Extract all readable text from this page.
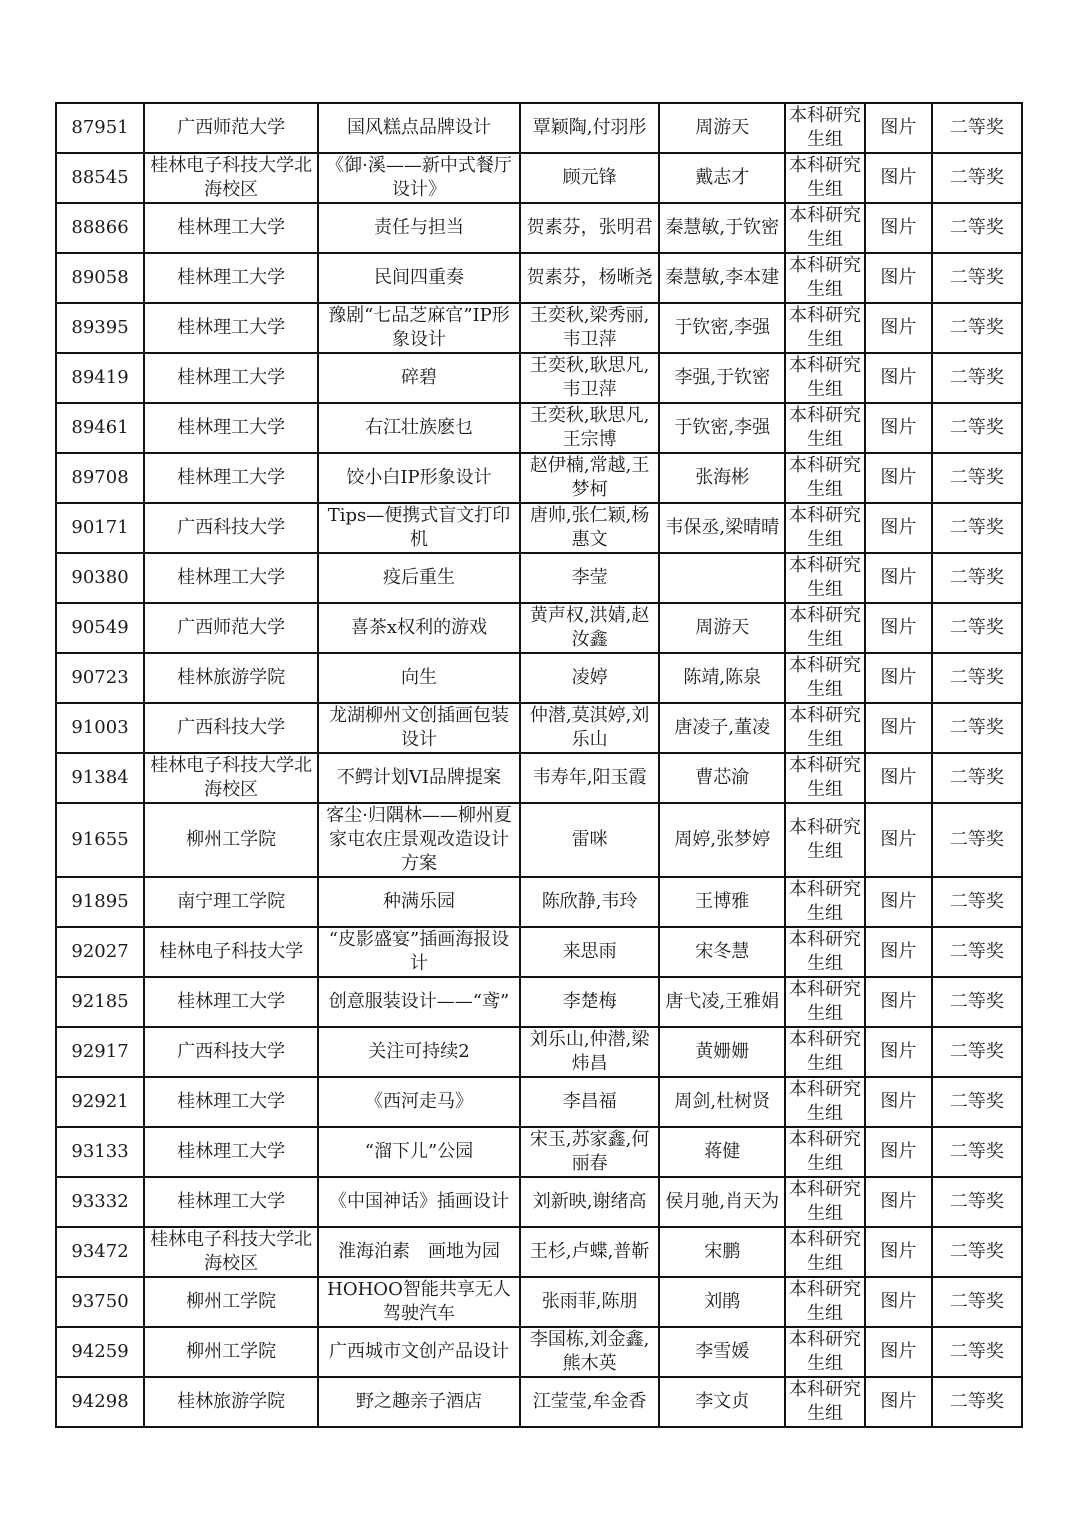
87951	广西师范大学	国风糕点品牌设计	覃颖陶,付羽彤	周游天	本科研究生组	图片	二等奖
88545	桂林电子科技大学北海校区	《御·溪——新中式餐厅设计》	顾元锋	戴志才	本科研究生组	图片	二等奖
88866	桂林理工大学	责任与担当	贺素芬，张明君	秦慧敏,于钦密	本科研究生组	图片	二等奖
89058	桂林理工大学	民间四重奏	贺素芬，杨晰尧	秦慧敏,李本建	本科研究生组	图片	二等奖
89395	桂林理工大学	豫剧“七品芝麻官”IP形象设计	王奕秋,梁秀丽,韦卫萍	于钦密,李强	本科研究生组	图片	二等奖
89419	桂林理工大学	碎碧	王奕秋,耿思凡,韦卫萍	李强,于钦密	本科研究生组	图片	二等奖
89461	桂林理工大学	右江壮族麽乜	王奕秋,耿思凡,王宗博	于钦密,李强	本科研究生组	图片	二等奖
89708	桂林理工大学	饺小白IP形象设计	赵伊楠,常越,王梦柯	张海彬	本科研究生组	图片	二等奖
90171	广西科技大学	Tips—便携式盲文打印机	唐帅,张仁颖,杨惠文	韦保丞,梁晴晴	本科研究生组	图片	二等奖
90380	桂林理工大学	疫后重生	李莹		本科研究生组	图片	二等奖
90549	广西师范大学	喜茶x权利的游戏	黄声权,洪婧,赵汝鑫	周游天	本科研究生组	图片	二等奖
90723	桂林旅游学院	向生	凌婷	陈靖,陈泉	本科研究生组	图片	二等奖
91003	广西科技大学	龙湖柳州文创插画包装设计	仲潜,莫淇婷,刘乐山	唐凌子,董凌	本科研究生组	图片	二等奖
91384	桂林电子科技大学北海校区	不鳄计划VI品牌提案	韦寿年,阳玉霞	曹芯渝	本科研究生组	图片	二等奖
91655	柳州工学院	客尘·归隅林——柳州夏家屯农庄景观改造设计方案	雷咪	周婷,张梦婷	本科研究生组	图片	二等奖
91895	南宁理工学院	种满乐园	陈欣静,韦玲	王博雅	本科研究生组	图片	二等奖
92027	桂林电子科技大学	“皮影盛宴”插画海报设计	来思雨	宋冬慧	本科研究生组	图片	二等奖
92185	桂林理工大学	创意服装设计——“鸢”	李楚梅	唐弋凌,王雅娟	本科研究生组	图片	二等奖
92917	广西科技大学	关注可持续2	刘乐山,仲潜,梁炜昌	黄姗姗	本科研究生组	图片	二等奖
92921	桂林理工大学	《西河走马》	李昌福	周剑,杜树贤	本科研究生组	图片	二等奖
93133	桂林理工大学	“溜下儿”公园	宋玉,苏家鑫,何丽春	蒋健	本科研究生组	图片	二等奖
93332	桂林理工大学	《中国神话》插画设计	刘新映,谢绪高	侯月驰,肖天为	本科研究生组	图片	二等奖
93472	桂林电子科技大学北海校区	淮海泊素　画地为园	王杉,卢蝶,普靳	宋鹏	本科研究生组	图片	二等奖
93750	柳州工学院	HOHOO智能共享无人驾驶汽车	张雨菲,陈朋	刘鹃	本科研究生组	图片	二等奖
94259	柳州工学院	广西城市文创产品设计	李国栋,刘金鑫,熊木英	李雪媛	本科研究生组	图片	二等奖
94298	桂林旅游学院	野之趣亲子酒店	江莹莹,牟金香	李文贞	本科研究生组	图片	二等奖
